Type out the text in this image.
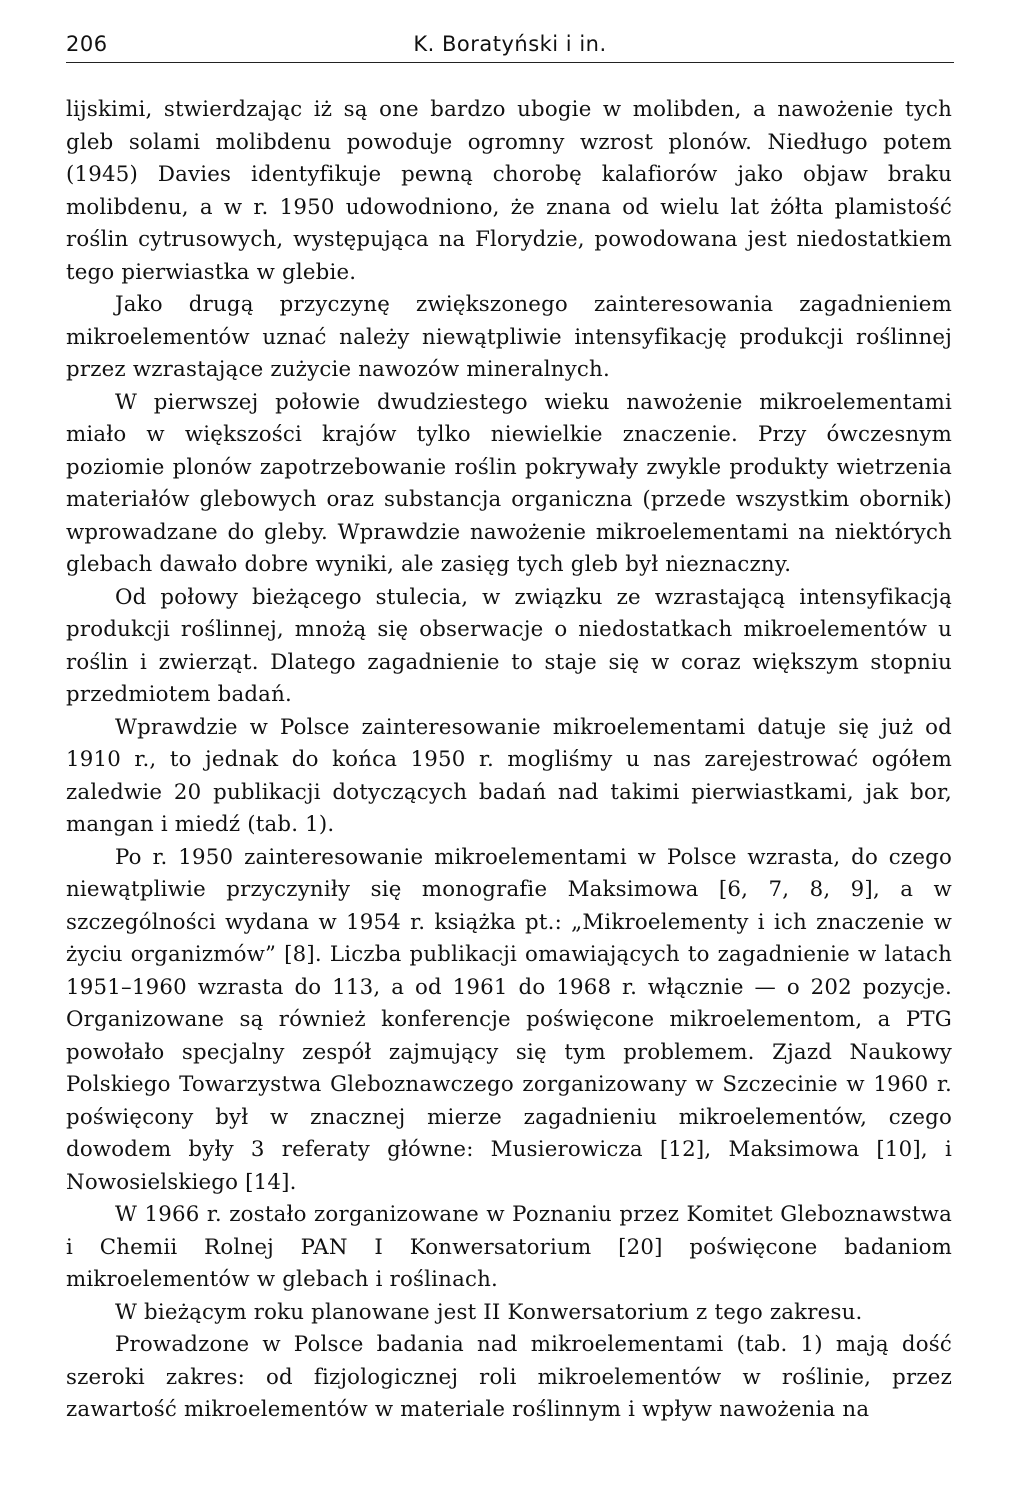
206	K. Boratyński i in.

lijskimi, stwierdzając iż są one bardzo ubogie w molibden, a nawożenie tych gleb solami molibdenu powoduje ogromny wzrost plonów. Niedługo potem (1945) Davies identyfikuje pewną chorobę kalafiorów jako objaw braku molibdenu, a w r. 1950 udowodniono, że znana od wielu lat żółta plamistość roślin cytrusowych, występująca na Florydzie, powodowana jest niedostatkiem tego pierwiastka w glebie.

Jako drugą przyczynę zwiększonego zainteresowania zagadnieniem mikroelementów uznać należy niewątpliwie intensyfikację produkcji roślinnej przez wzrastające zużycie nawozów mineralnych.

W pierwszej połowie dwudziestego wieku nawożenie mikroelementami miało w większości krajów tylko niewielkie znaczenie. Przy ówczesnym poziomie plonów zapotrzebowanie roślin pokrywały zwykle produkty wietrzenia materiałów glebowych oraz substancja organiczna (przede wszystkim obornik) wprowadzane do gleby. Wprawdzie nawożenie mikroelementami na niektórych glebach dawało dobre wyniki, ale zasięg tych gleb był nieznaczny.

Od połowy bieżącego stulecia, w związku ze wzrastającą intensyfikacją produkcji roślinnej, mnożą się obserwacje o niedostatkach mikroelementów u roślin i zwierząt. Dlatego zagadnienie to staje się w coraz większym stopniu przedmiotem badań.

Wprawdzie w Polsce zainteresowanie mikroelementami datuje się już od 1910 r., to jednak do końca 1950 r. mogliśmy u nas zarejestrować ogółem zaledwie 20 publikacji dotyczących badań nad takimi pierwiastkami, jak bor, mangan i miedź (tab. 1).

Po r. 1950 zainteresowanie mikroelementami w Polsce wzrasta, do czego niewątpliwie przyczyniły się monografie Maksimowa [6, 7, 8, 9], a w szczególności wydana w 1954 r. książka pt.: „Mikroelementy i ich znaczenie w życiu organizmów” [8]. Liczba publikacji omawiających to zagadnienie w latach 1951–1960 wzrasta do 113, a od 1961 do 1968 r. włącznie — o 202 pozycje. Organizowane są również konferencje poświęcone mikroelementom, a PTG powołało specjalny zespół zajmujący się tym problemem. Zjazd Naukowy Polskiego Towarzystwa Gleboznawczego zorganizowany w Szczecinie w 1960 r. poświęcony był w znacznej mierze zagadnieniu mikroelementów, czego dowodem były 3 referaty główne: Musierowicza [12], Maksimowa [10], i Nowosielskiego [14].

W 1966 r. zostało zorganizowane w Poznaniu przez Komitet Gleboznawstwa i Chemii Rolnej PAN I Konwersatorium [20] poświęcone badaniom mikroelementów w glebach i roślinach.

W bieżącym roku planowane jest II Konwersatorium z tego zakresu.

Prowadzone w Polsce badania nad mikroelementami (tab. 1) mają dość szeroki zakres: od fizjologicznej roli mikroelementów w roślinie, przez zawartość mikroelementów w materiale roślinnym i wpływ nawożenia na
